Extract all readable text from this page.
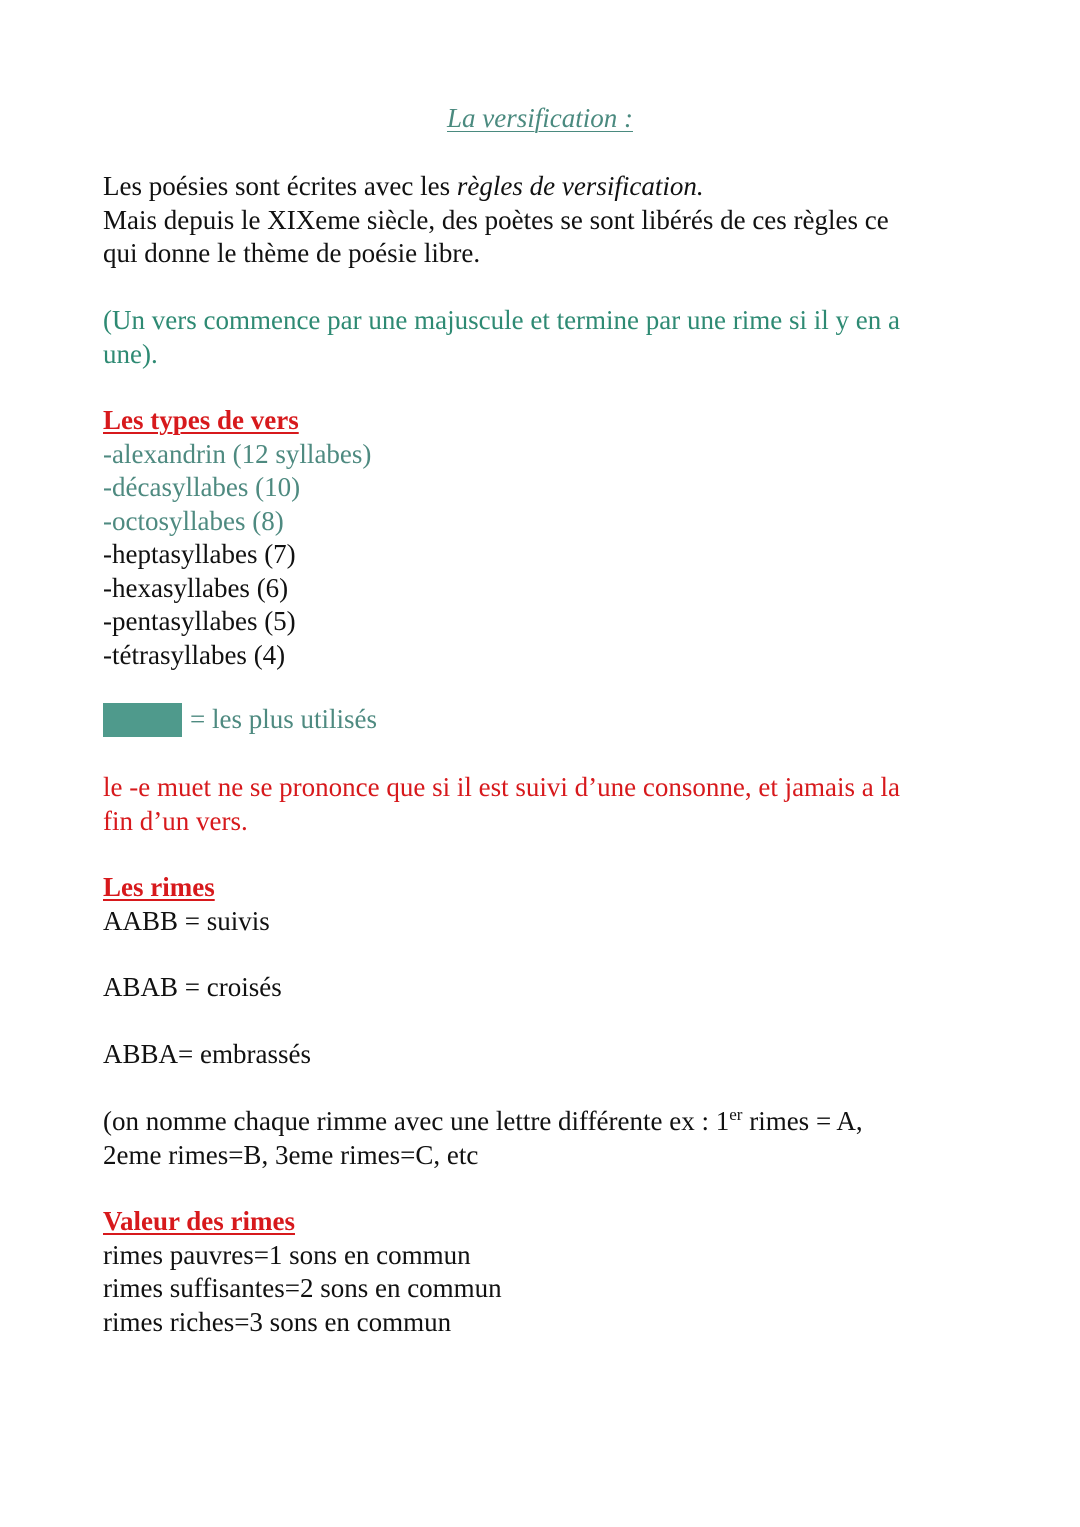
La versification :
Les poésies sont écrites avec les règles de versification.
Mais depuis le XIXeme siècle, des poètes se sont libérés de ces règles ce
qui donne le thème de poésie libre.
(Un vers commence par une majuscule et termine par une rime si il y en a
une).
Les types de vers
-alexandrin (12 syllabes)
-décasyllabes (10)
-octosyllabes (8)
-heptasyllabes (7)
-hexasyllabes (6)
-pentasyllabes (5)
-tétrasyllabes (4)
= les plus utilisés
le -e muet ne se prononce que si il est suivi d’une consonne, et jamais a la
fin d’un vers.
Les rimes
AABB = suivis
ABAB = croisés
ABBA= embrassés
(on nomme chaque rimme avec une lettre différente ex : 1er rimes = A,
2eme rimes=B, 3eme rimes=C, etc
Valeur des rimes
rimes pauvres=1 sons en commun
rimes suffisantes=2 sons en commun
rimes riches=3 sons en commun
